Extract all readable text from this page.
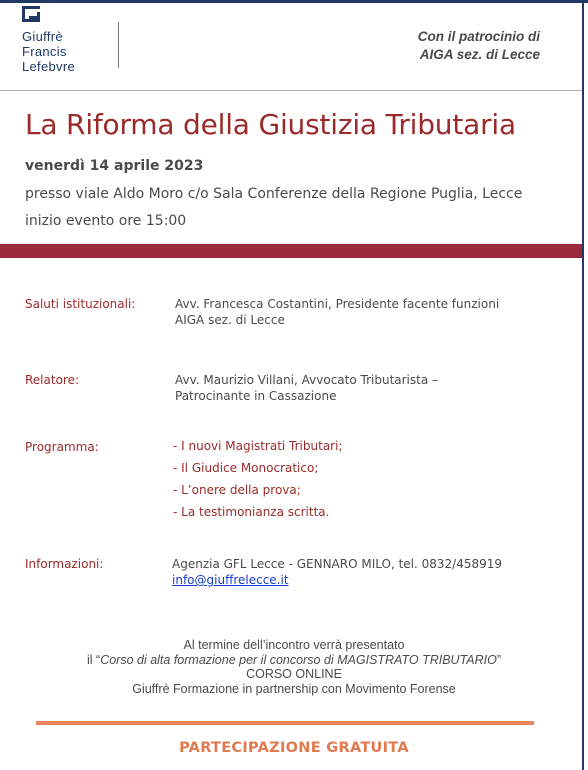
Giuffrè
Francis
Lefebvre
Con il patrocinio di
AIGA sez. di Lecce
La Riforma della Giustizia Tributaria
venerdì 14 aprile 2023
presso viale Aldo Moro c/o Sala Conferenze della Regione Puglia, Lecce
inizio evento ore 15:00
Saluti istituzionali:	Avv. Francesca Costantini, Presidente facente funzioni
AIGA sez. di Lecce
Relatore:	Avv. Maurizio Villani, Avvocato Tributarista –
Patrocinante in Cassazione
Programma:	- I nuovi Magistrati Tributari;
- Il Giudice Monocratico;
- L’onere della prova;
- La testimonianza scritta.
Informazioni:	Agenzia GFL Lecce - GENNARO MILO, tel. 0832/458919
info@giuffrelecce.it
Al termine dell’incontro verrà presentato
il “Corso di alta formazione per il concorso di MAGISTRATO TRIBUTARIO”
CORSO ONLINE
Giuffrè Formazione in partnership con Movimento Forense
PARTECIPAZIONE GRATUITA
